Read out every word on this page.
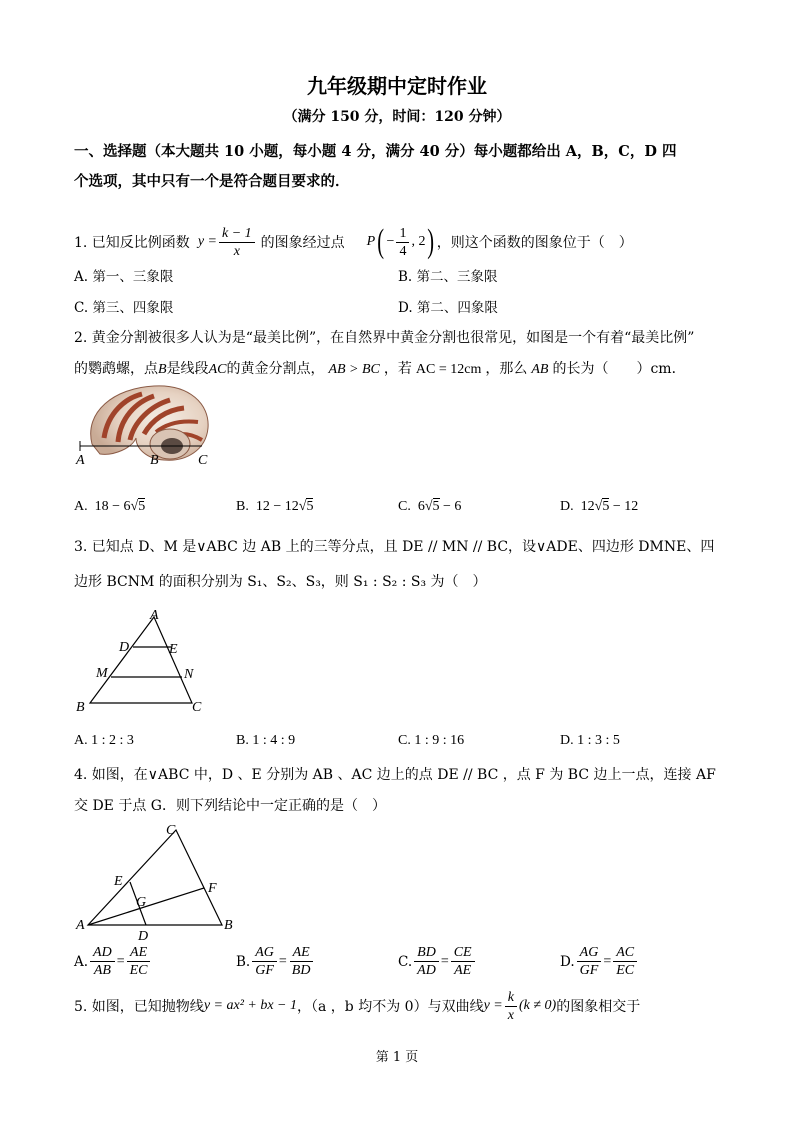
九年级期中定时作业
（满分 150 分，时间：120 分钟）
一、选择题（本大题共 10 小题，每小题 4 分，满分 40 分）每小题都给出 A，B，C，D 四
个选项，其中只有一个是符合题目要求的．
1. 已知反比例函数 $y = \frac{k - 1}{x}$ 的图象经过点 P ( − $\frac{1}{4}$ , 2 ) ，则这个函数的图象位于（　）
A. 第一、三象限	B. 第二、三象限
C. 第三、四象限	D. 第二、四象限
2. 黄金分割被很多人认为是“最美比例”，在自然界中黄金分割也很常见，如图是一个有着“最美比例”
的鹦鹉螺，点B是线段AC的黄金分割点， AB > BC ，若 AC = 12cm ，那么 AB 的长为（　　）cm．
A	B	C
A. 18 − 6√5	B. 12 − 12√5	C. 6√5 − 6	D. 12√5 − 12
3. 已知点 D、M 是∨ABC 边 AB 上的三等分点，且 DE // MN // BC，设∨ADE、四边形 DMNE、四
边形 BCNM 的面积分别为 S₁、S₂、S₃，则 S₁ : S₂ : S₃ 为（　）
A
D	E
M	N
B	C
A. 1 : 2 : 3	B. 1 : 4 : 9	C. 1 : 9 : 16	D. 1 : 3 : 5
4. 如图，在∨ABC 中，D 、E 分别为 AB 、AC 边上的点 DE // BC ，点 F 为 BC 边上一点，连接 AF
交 DE 于点 G．则下列结论中一定正确的是（　）
C
E	F
G
A
D
B
A. $\frac{AD}{AB} = \frac{AE}{EC}$	B. $\frac{AG}{GF} = \frac{AE}{BD}$	C. $\frac{BD}{AD} = \frac{CE}{AE}$	D. $\frac{AG}{GF} = \frac{AC}{EC}$
5. 如图，已知抛物线 y = ax² + bx − 1 ，（a ，b 均不为 0）与双曲线 $y = \frac{k}{x} (k \ne 0)$ 的图象相交于
第 1 页
